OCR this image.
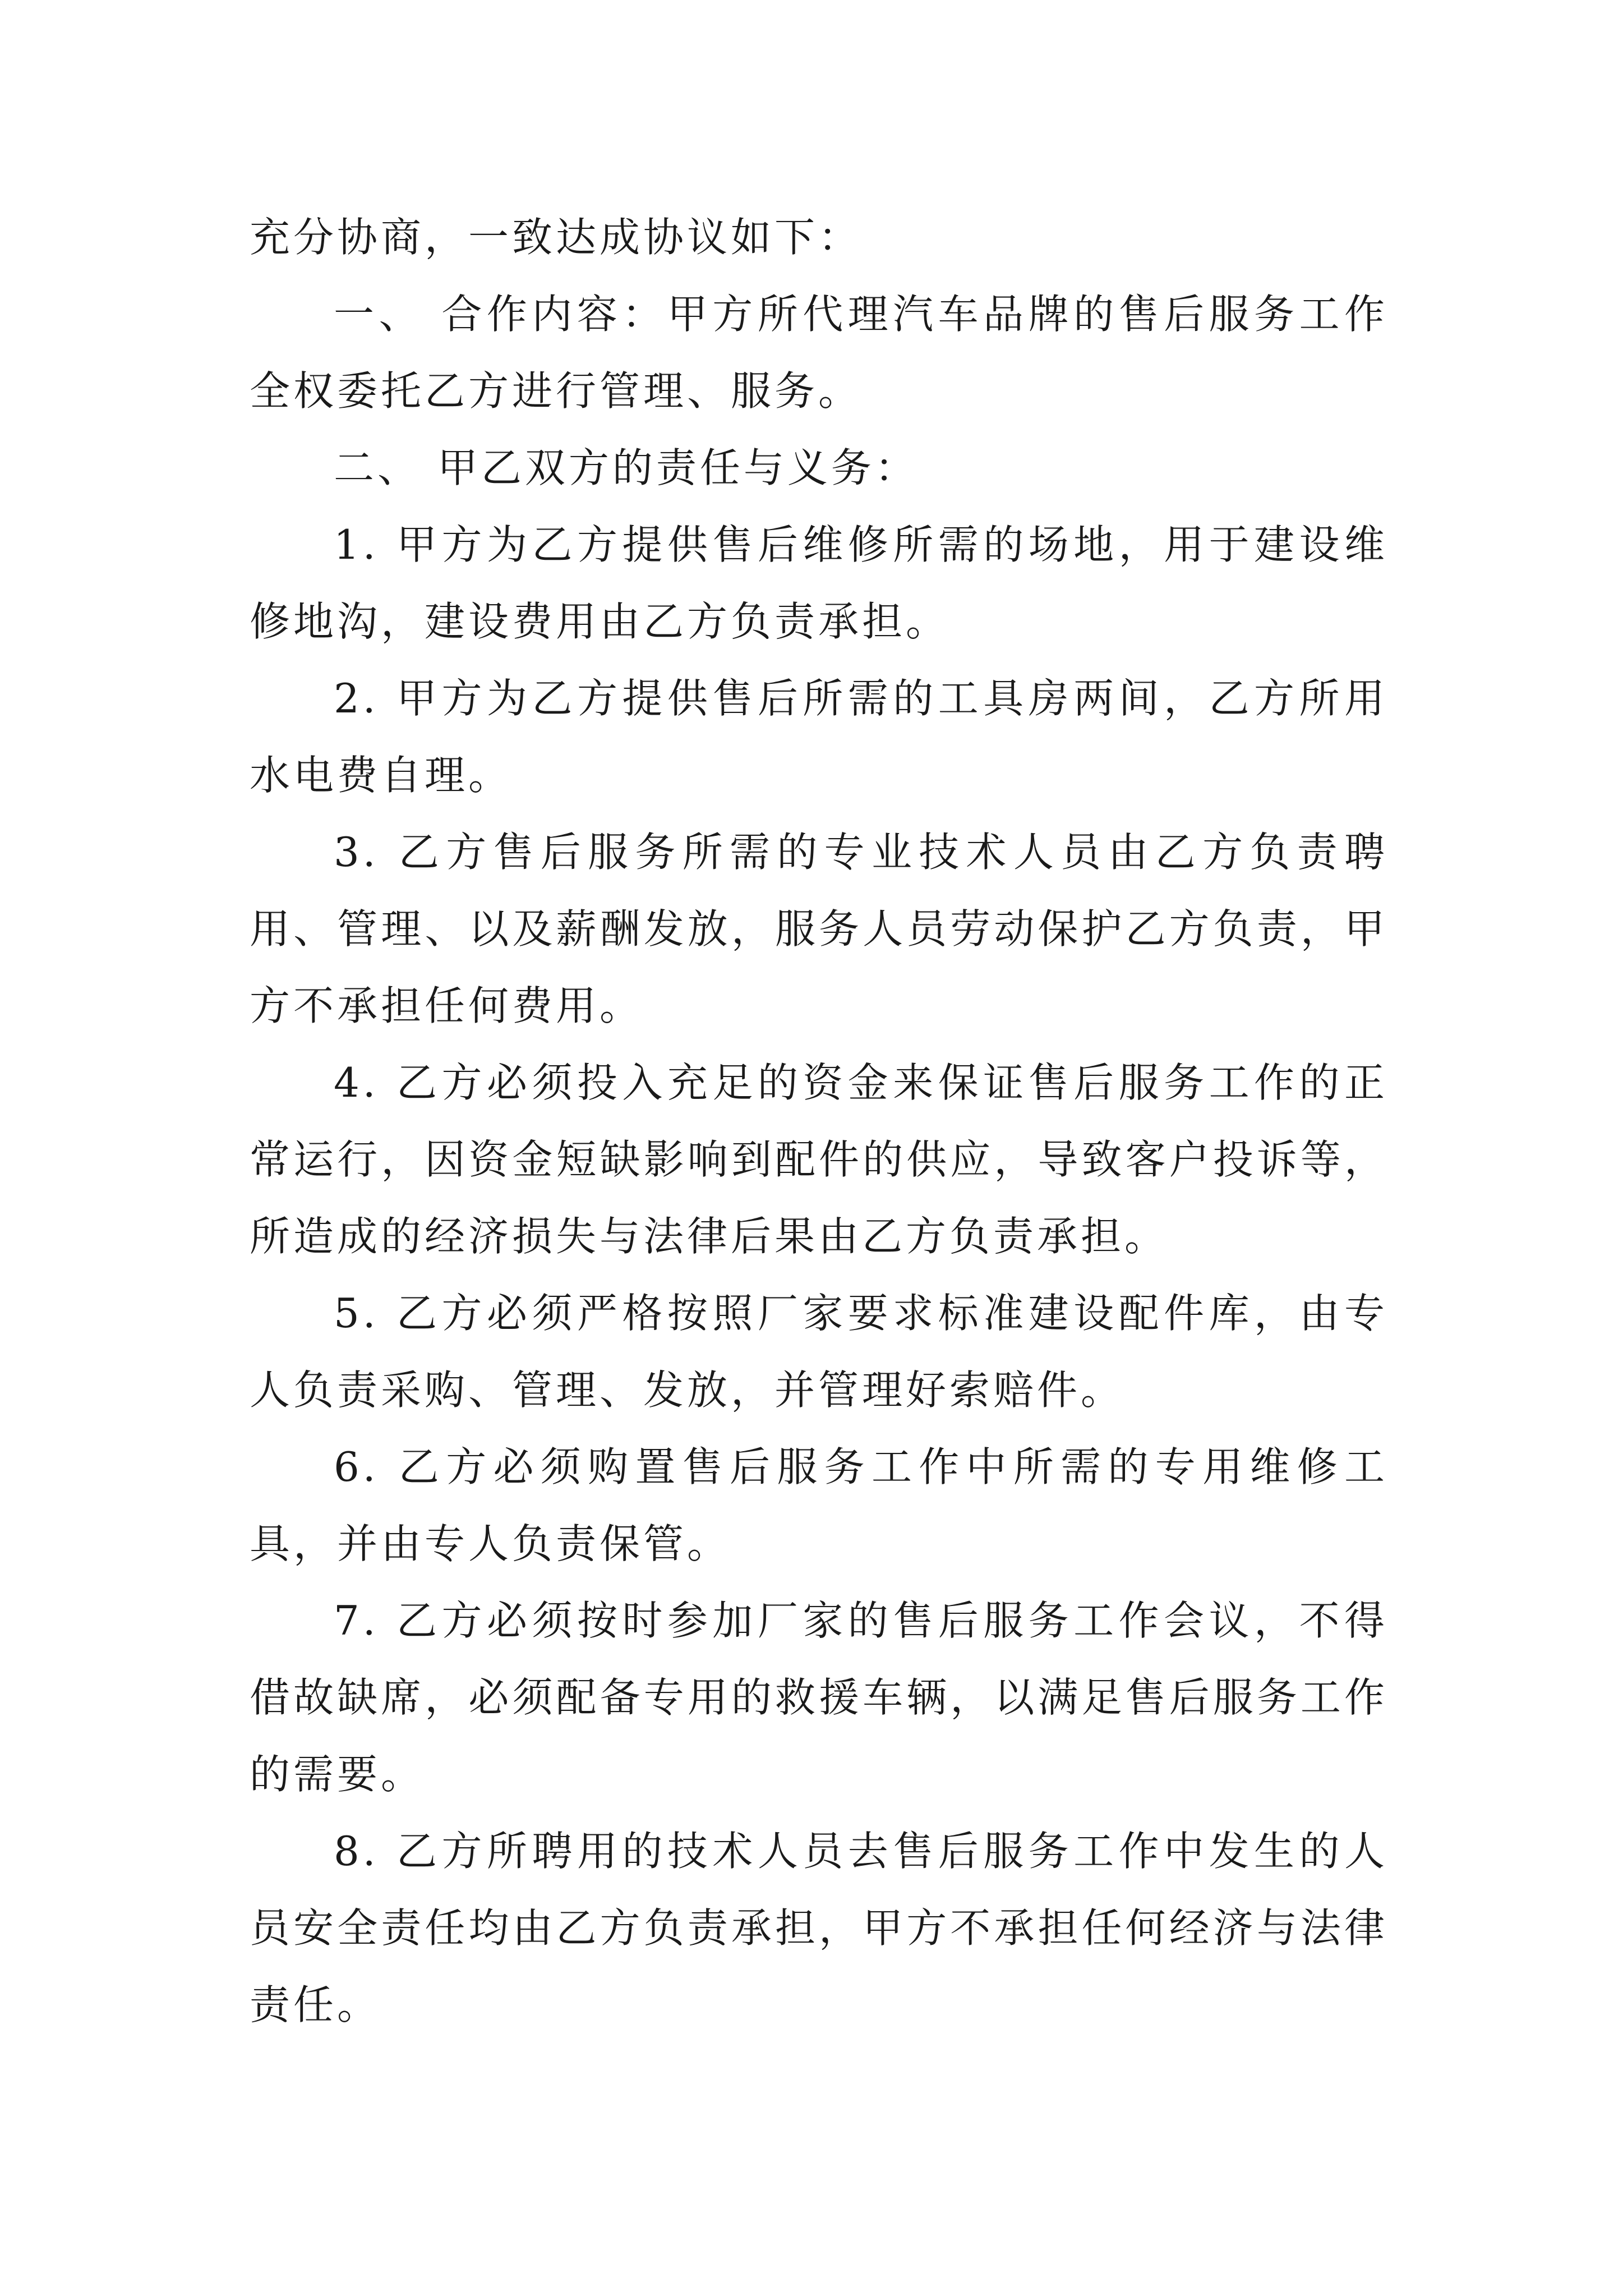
充分协商，一致达成协议如下：

一、 合作内容：甲方所代理汽车品牌的售后服务工作全权委托乙方进行管理、服务。

二、 甲乙双方的责任与义务：

1. 甲方为乙方提供售后维修所需的场地，用于建设维修地沟，建设费用由乙方负责承担。

2. 甲方为乙方提供售后所需的工具房两间，乙方所用水电费自理。

3. 乙方售后服务所需的专业技术人员由乙方负责聘用、管理、以及薪酬发放，服务人员劳动保护乙方负责，甲方不承担任何费用。

4. 乙方必须投入充足的资金来保证售后服务工作的正常运行，因资金短缺影响到配件的供应，导致客户投诉等，所造成的经济损失与法律后果由乙方负责承担。

5. 乙方必须严格按照厂家要求标准建设配件库，由专人负责采购、管理、发放，并管理好索赔件。

6. 乙方必须购置售后服务工作中所需的专用维修工具，并由专人负责保管。

7. 乙方必须按时参加厂家的售后服务工作会议，不得借故缺席，必须配备专用的救援车辆，以满足售后服务工作的需要。

8. 乙方所聘用的技术人员去售后服务工作中发生的人员安全责任均由乙方负责承担，甲方不承担任何经济与法律责任。
